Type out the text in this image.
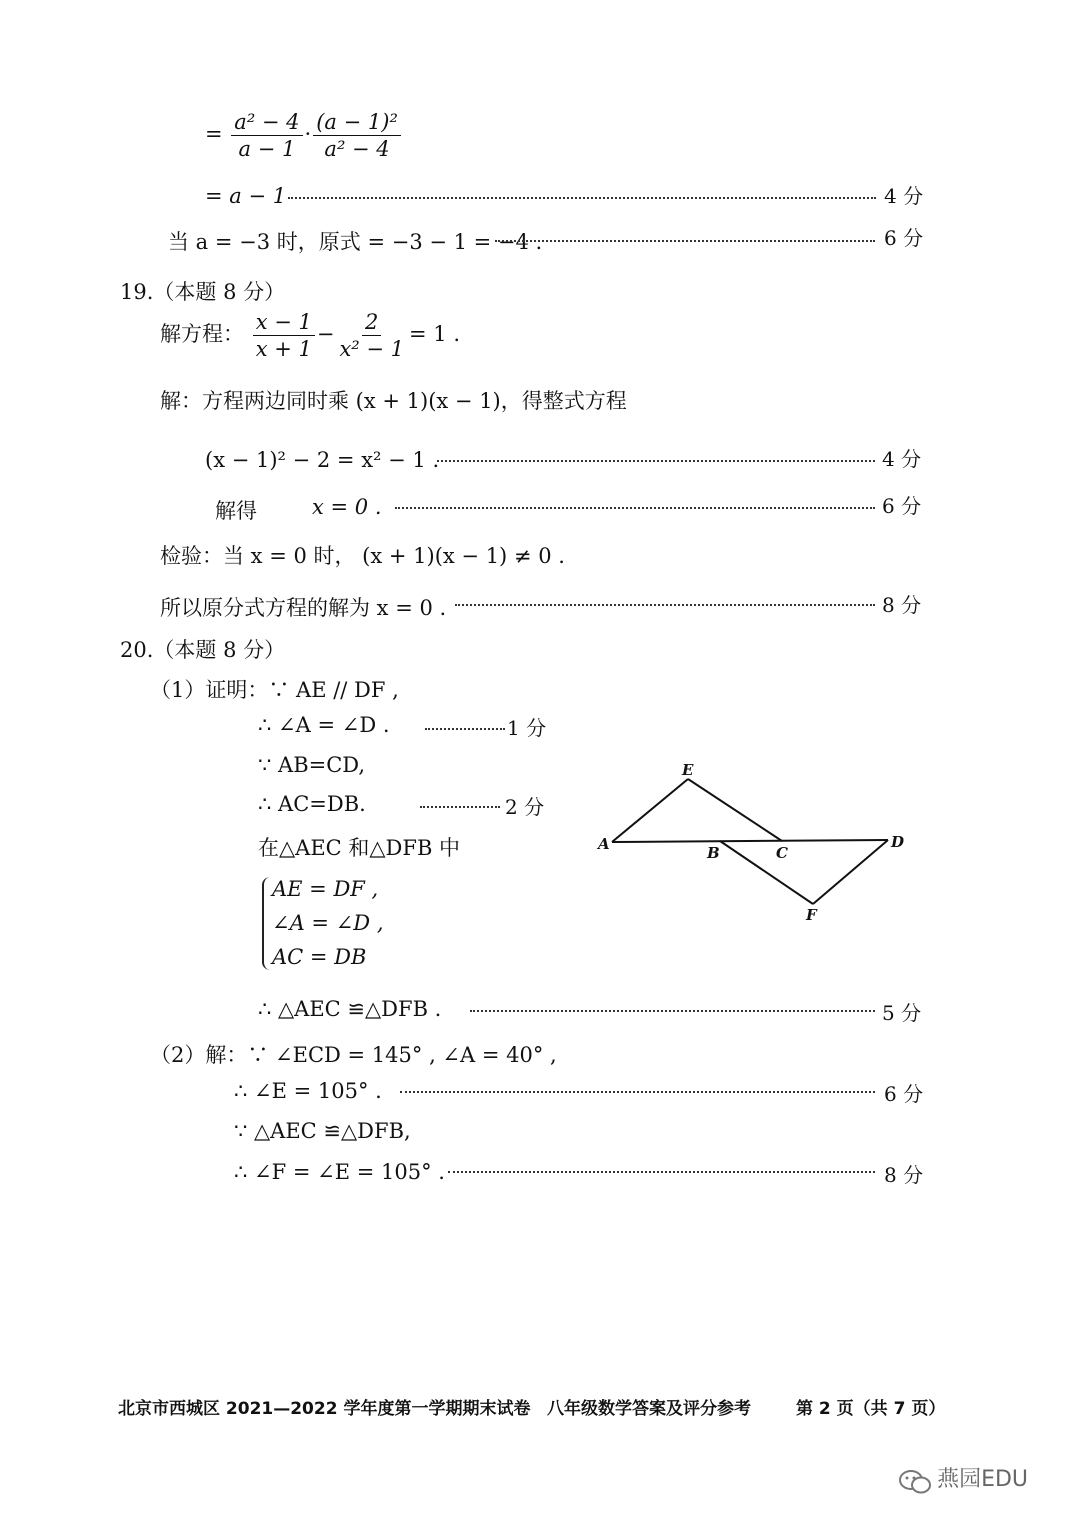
= $\frac{\text{a² − 4}}{a - 1} \cdot \frac{\text{(a − 1)²}}{\text{a² − 4}}$
= a − 1	4 分
当 a = −3 时，原式 = −3 − 1 = −4 .	6 分
19.（本题 8 分）
解方程： $\frac{x - 1}{x + 1} - \frac{2}{\text{x² − 1}} = 1$ .
解：方程两边同时乘 (x + 1)(x − 1)，得整式方程
(x − 1)² − 2 = x² − 1 .	4 分
解得	x = 0 .	6 分
检验：当 x = 0 时， (x + 1)(x − 1) ≠ 0 .
所以原分式方程的解为 x = 0 .	8 分
20.（本题 8 分）
（1）证明：∵ AE // DF ,
∴ ∠A = ∠D .	1 分
∵ AB=CD,
∴ AC=DB.	2 分
在△AEC 和△DFB 中
AE = DF ,
∠A = ∠D ,
AC = DB
∴ △AEC ≌△DFB .	5 分
（2）解：∵ ∠ECD = 145° , ∠A = 40° ,
∴ ∠E = 105° .	6 分
∵ △AEC ≌△DFB,
∴ ∠F = ∠E = 105° .	8 分
A
E
B	C
D
F
北京市西城区 2021—2022 学年度第一学期期末试卷 八年级数学答案及评分参考	第 2 页（共 7 页）
燕园EDU
